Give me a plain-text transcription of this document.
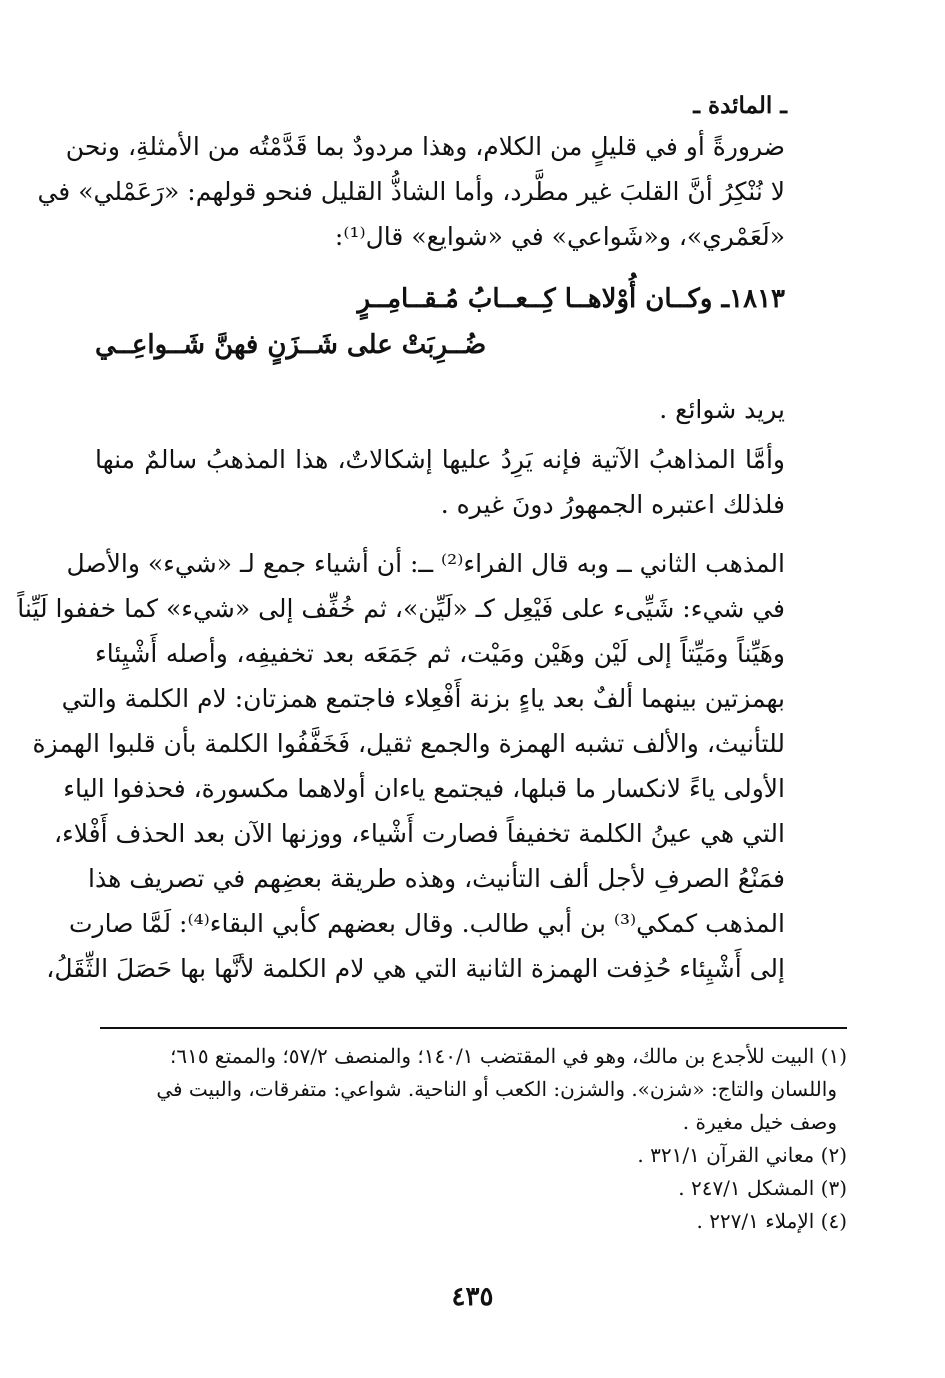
ـ المائدة ـ
ضرورةً أو في قليلٍ من الكلام، وهذا مردودٌ بما قَدَّمْتُه من الأمثلةِ، ونحن
لا نُنْكِرُ أنَّ القلبَ غير مطَّرد، وأما الشاذُّ القليل فنحو قولهم: «رَعَمْلي» في
«لَعَمْري»، و«شَواعي» في «شوايع» قال⁽¹⁾:
١٨١٣ـ وكــان أُوْلاهــا كِــعــابُ مُـقــامِــرٍ
ضُــرِبَتْ على شَــزَنٍ فهنَّ شَــواعِــي
يريد شوائع .
وأمَّا المذاهبُ الآتية فإنه يَرِدُ عليها إشكالاتٌ، هذا المذهبُ سالمٌ منها
فلذلك اعتبره الجمهورُ دونَ غيره .
المذهب الثاني ــ وبه قال الفراء⁽²⁾ ــ: أن أشياء جمع لـ «شيء» والأصل
في شيء: شَيِّىء على فَيْعِل كـ «لَيِّن»، ثم خُفِّف إلى «شيء» كما خففوا لَيِّناً
وهَيِّناً ومَيِّتاً إلى لَيْن وهَيْن ومَيْت، ثم جَمَعَه بعد تخفيفِه، وأصله أَشْيِئاء
بهمزتين بينهما ألفٌ بعد ياءٍ بزنة أَفْعِلاء فاجتمع همزتان: لام الكلمة والتي
للتأنيث، والألف تشبه الهمزة والجمع ثقيل، فَخَفَّفُوا الكلمة بأن قلبوا الهمزة
الأولى ياءً لانكسار ما قبلها، فيجتمع ياءان أولاهما مكسورة، فحذفوا الياء
التي هي عينُ الكلمة تخفيفاً فصارت أَشْياء، ووزنها الآن بعد الحذف أَفْلاء،
فمَنْعُ الصرفِ لأجل ألف التأنيث، وهذه طريقة بعضِهم في تصريف هذا
المذهب كمكي⁽³⁾ بن أبي طالب. وقال بعضهم كأبي البقاء⁽⁴⁾: لَمَّا صارت
إلى أَشْيِئاء حُذِفت الهمزة الثانية التي هي لام الكلمة لأنَّها بها حَصَلَ الثِّقَلُ،
(١) البيت للأجدع بن مالك، وهو في المقتضب ١٤٠/١؛ والمنصف ٥٧/٢؛ والممتع ٦١٥؛
واللسان والتاج: «شزن». والشزن: الكعب أو الناحية. شواعي: متفرقات، والبيت في
وصف خيل مغيرة .
(٢) معاني القرآن ٣٢١/١ .
(٣) المشكل ٢٤٧/١ .
(٤) الإملاء ٢٢٧/١ .
٤٣٥
